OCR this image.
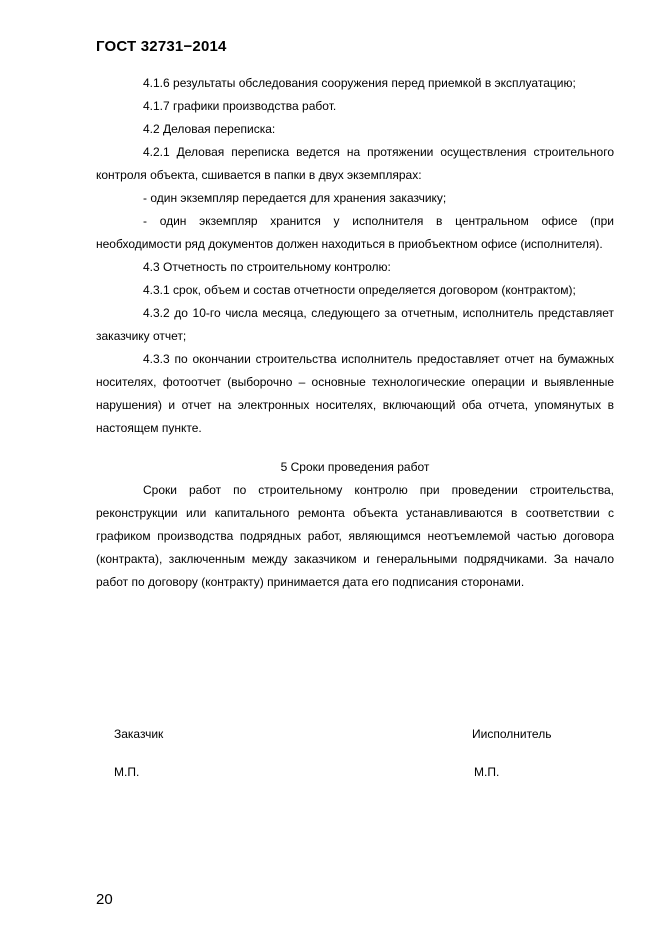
ГОСТ 32731−2014

4.1.6 результаты обследования сооружения перед приемкой в эксплуатацию;

4.1.7 графики производства работ.

4.2 Деловая переписка:

4.2.1 Деловая переписка ведется на протяжении осуществления строительного контроля объекта, сшивается в папки в двух экземплярах:

- один экземпляр передается для хранения заказчику;

- один экземпляр хранится у исполнителя в центральном офисе (при необходимости ряд документов должен находиться в приобъектном офисе (исполнителя).

4.3 Отчетность по строительному контролю:

4.3.1 срок, объем и состав отчетности определяется договором (контрактом);

4.3.2 до 10-го числа месяца, следующего за отчетным, исполнитель представляет заказчику отчет;

4.3.3 по окончании строительства исполнитель предоставляет отчет на бумажных носителях, фотоотчет (выборочно – основные технологические операции и выявленные нарушения) и отчет на электронных носителях, включающий оба отчета, упомянутых в настоящем пункте.

5 Сроки проведения работ

Сроки работ по строительному контролю при проведении строительства, реконструкции или капитального ремонта объекта устанавливаются в соответствии с графиком производства подрядных работ, являющимся неотъемлемой частью договора (контракта), заключенным между заказчиком и генеральными подрядчиками. За начало работ по договору (контракту) принимается дата его подписания сторонами.

Заказчик	Иисполнитель
М.П.	М.П.
20
